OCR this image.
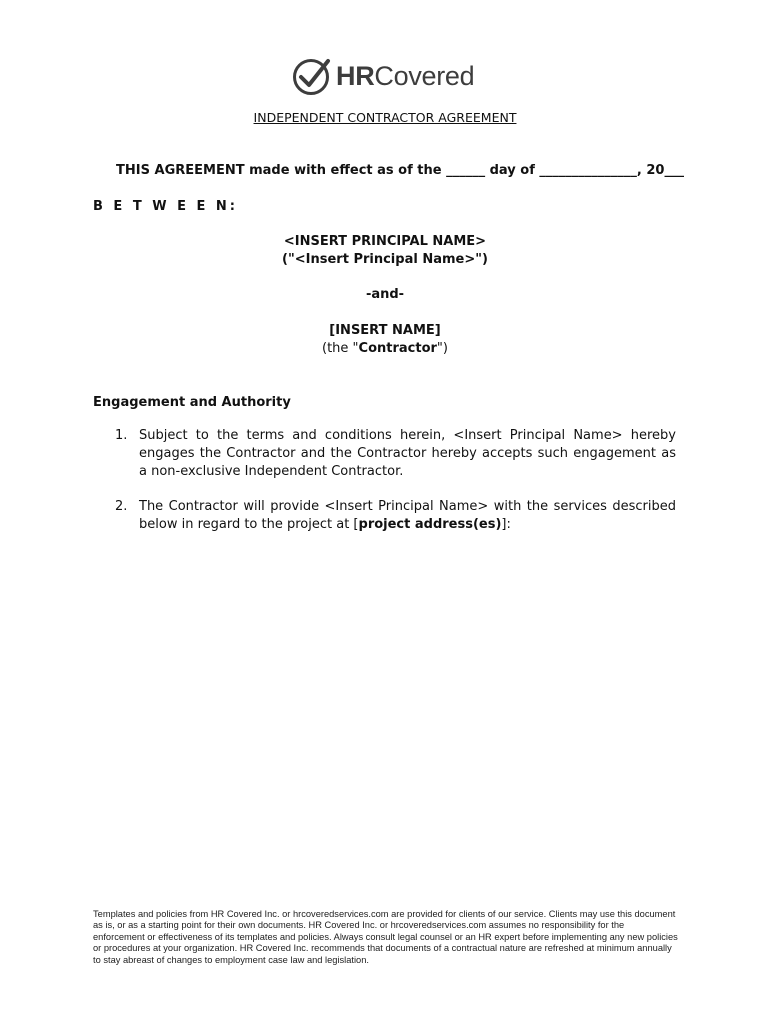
HRCovered
INDEPENDENT CONTRACTOR AGREEMENT
THIS AGREEMENT made with effect as of the ______ day of _______________, 20___
B E T W E E N:
<INSERT PRINCIPAL NAME>
("<Insert Principal Name>")
-and-
[INSERT NAME]
(the "Contractor")
Engagement and Authority
1. Subject to the terms and conditions herein, <Insert Principal Name> hereby engages the Contractor and the Contractor hereby accepts such engagement as a non-exclusive Independent Contractor.
2. The Contractor will provide <Insert Principal Name> with the services described below in regard to the project at [project address(es)]:
Templates and policies from HR Covered Inc. or hrcoveredservices.com are provided for clients of our service. Clients may use this document as is, or as a starting point for their own documents. HR Covered Inc. or hrcoveredservices.com assumes no responsibility for the enforcement or effectiveness of its templates and policies. Always consult legal counsel or an HR expert before implementing any new policies or procedures at your organization. HR Covered Inc. recommends that documents of a contractual nature are refreshed at minimum annually to stay abreast of changes to employment case law and legislation.
